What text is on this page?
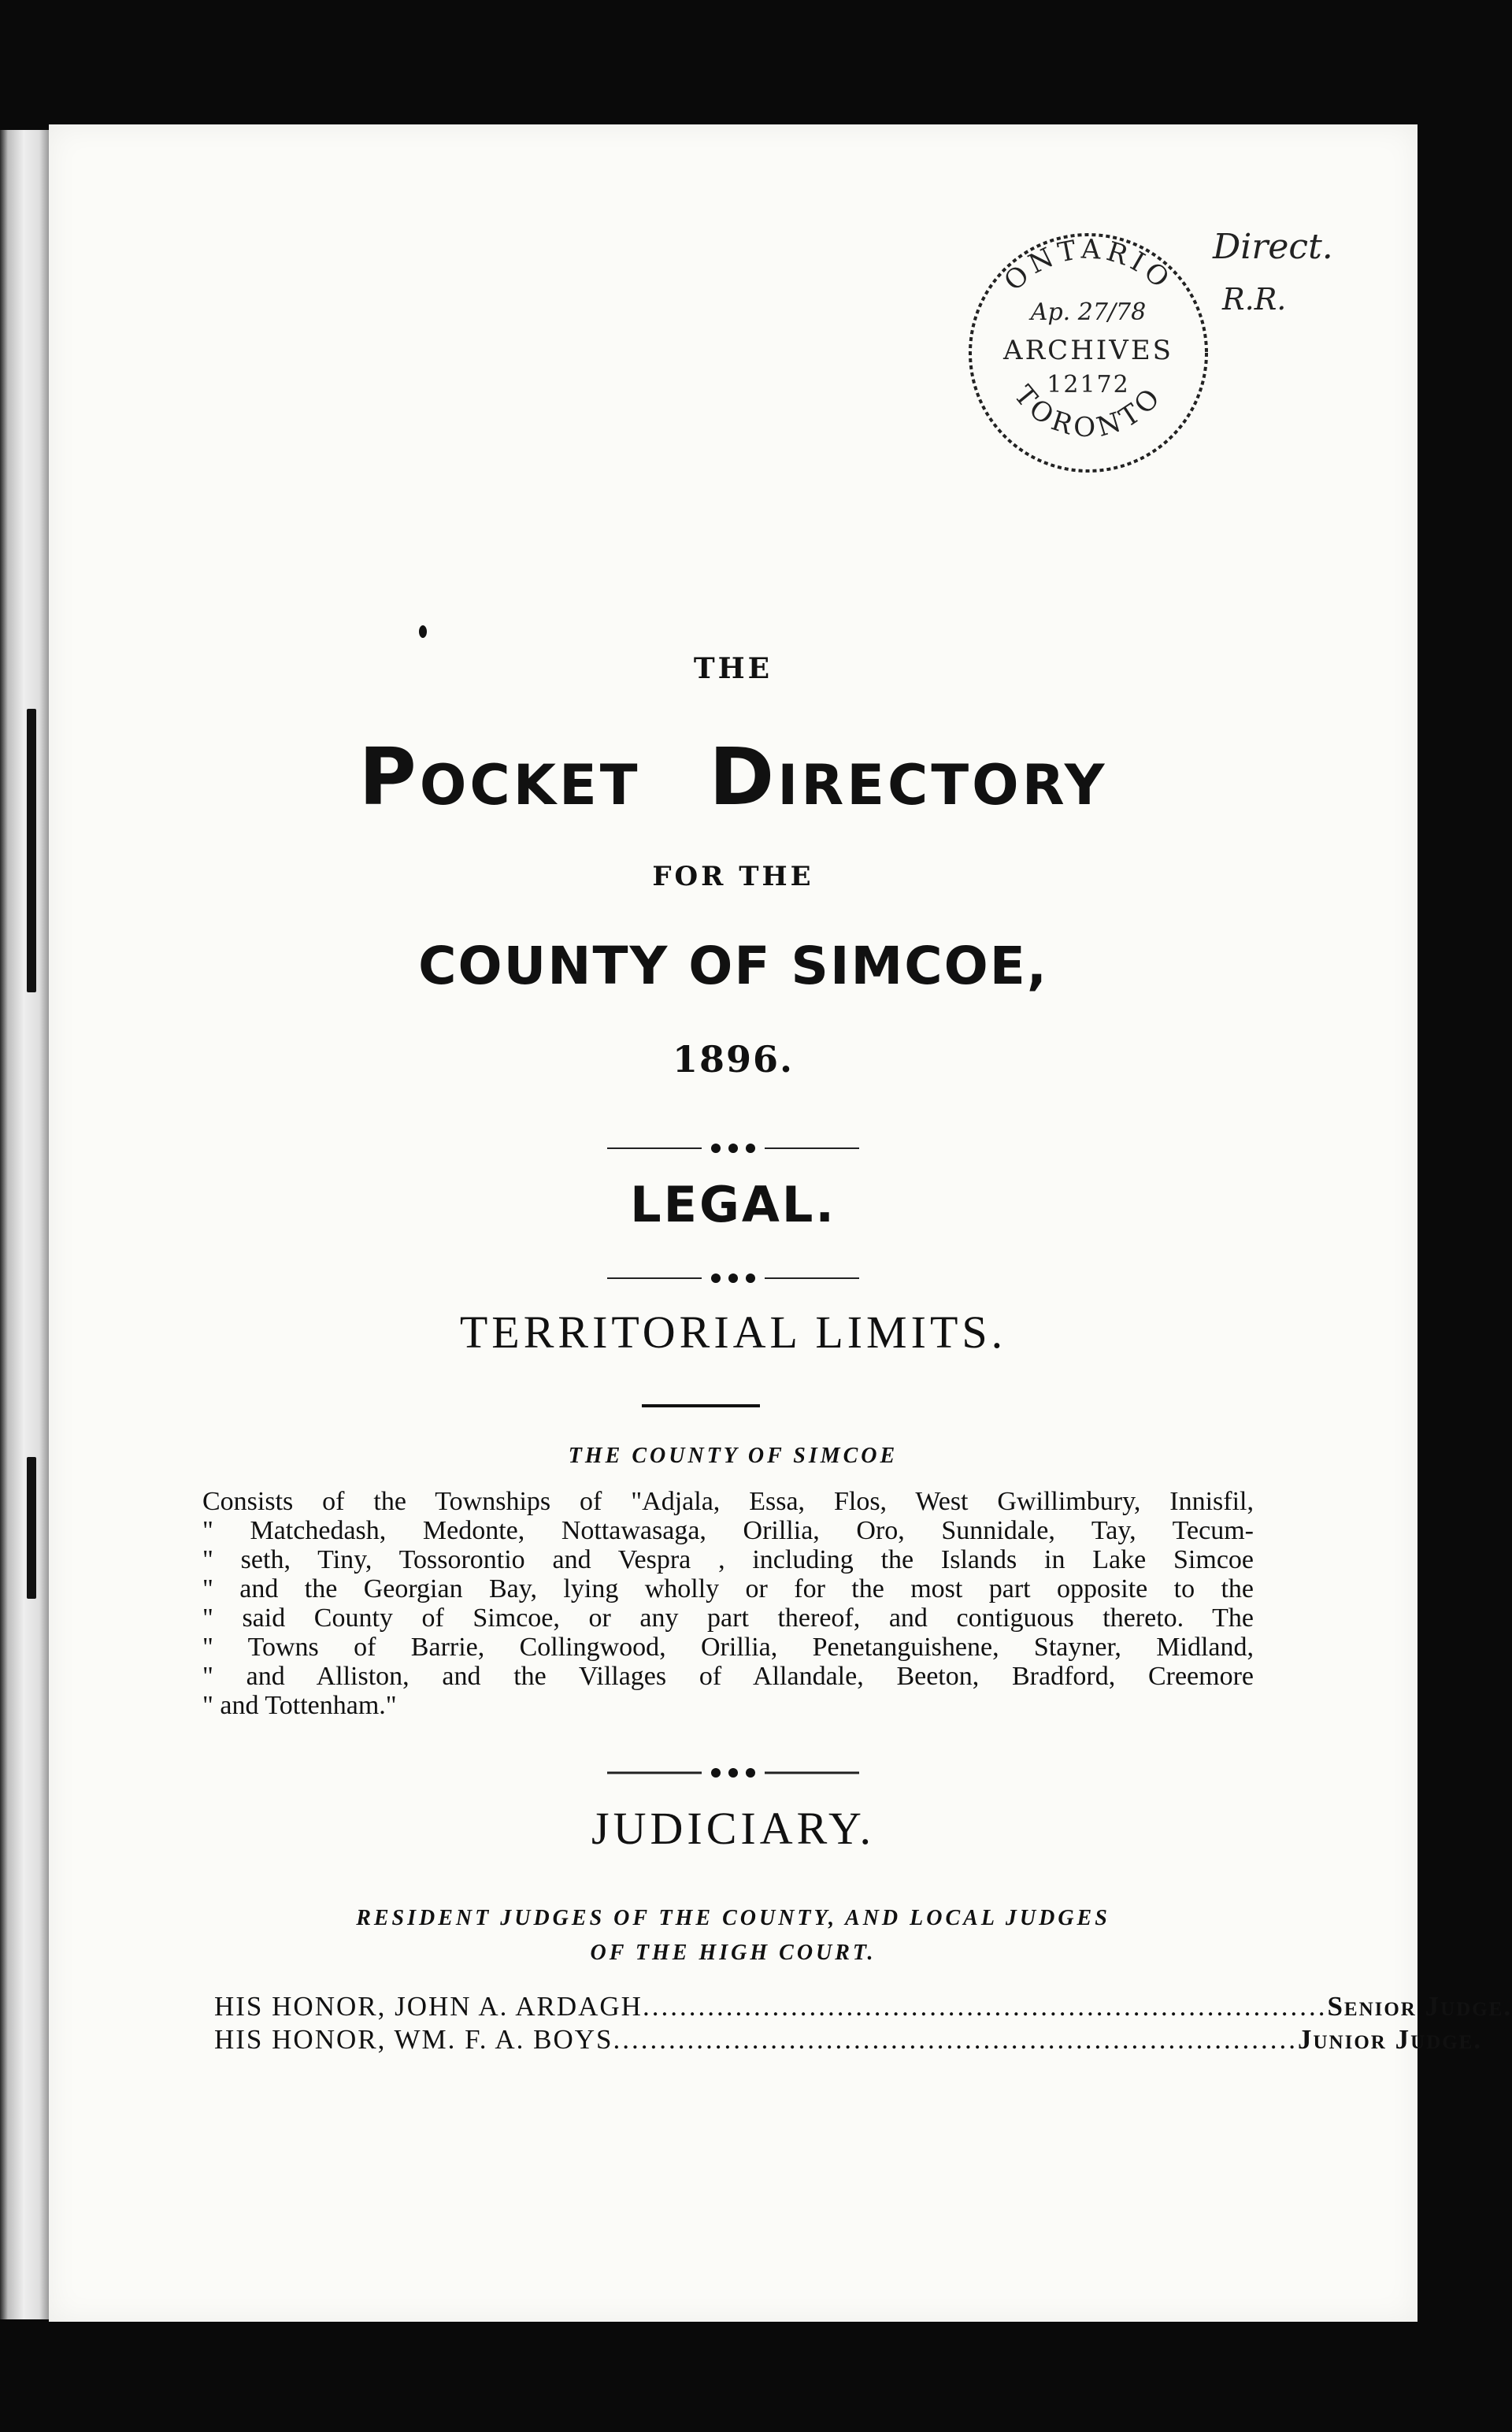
ONTARIO
TORONTO
Ap. 27/78
ARCHIVES
12172
Direct.
R.R.
THE
POCKET DIRECTORY
FOR THE
COUNTY OF SIMCOE,
1896.
LEGAL.
TERRITORIAL LIMITS.
THE COUNTY OF SIMCOE
Consists of the Townships of "Adjala, Essa, Flos, West Gwillimbury, Innisfil,
" Matchedash, Medonte, Nottawasaga, Orillia, Oro, Sunnidale, Tay, Tecum-
" seth, Tiny, Tossorontio and Vespra , including the Islands in Lake Simcoe
" and the Georgian Bay, lying wholly or for the most part opposite to the
" said County of Simcoe, or any part thereof, and contiguous thereto. The
" Towns of Barrie, Collingwood, Orillia, Penetanguishene, Stayner, Midland,
" and Alliston, and the Villages of Allandale, Beeton, Bradford, Creemore
" and Tottenham."
JUDICIARY.
RESIDENT JUDGES OF THE COUNTY, AND LOCAL JUDGES
OF THE HIGH COURT.
HIS HONOR, JOHN A. ARDAGH .......................................................................... Senior Judge.
HIS HONOR, WM. F. A. BOYS .......................................................................... Junior Judge.
